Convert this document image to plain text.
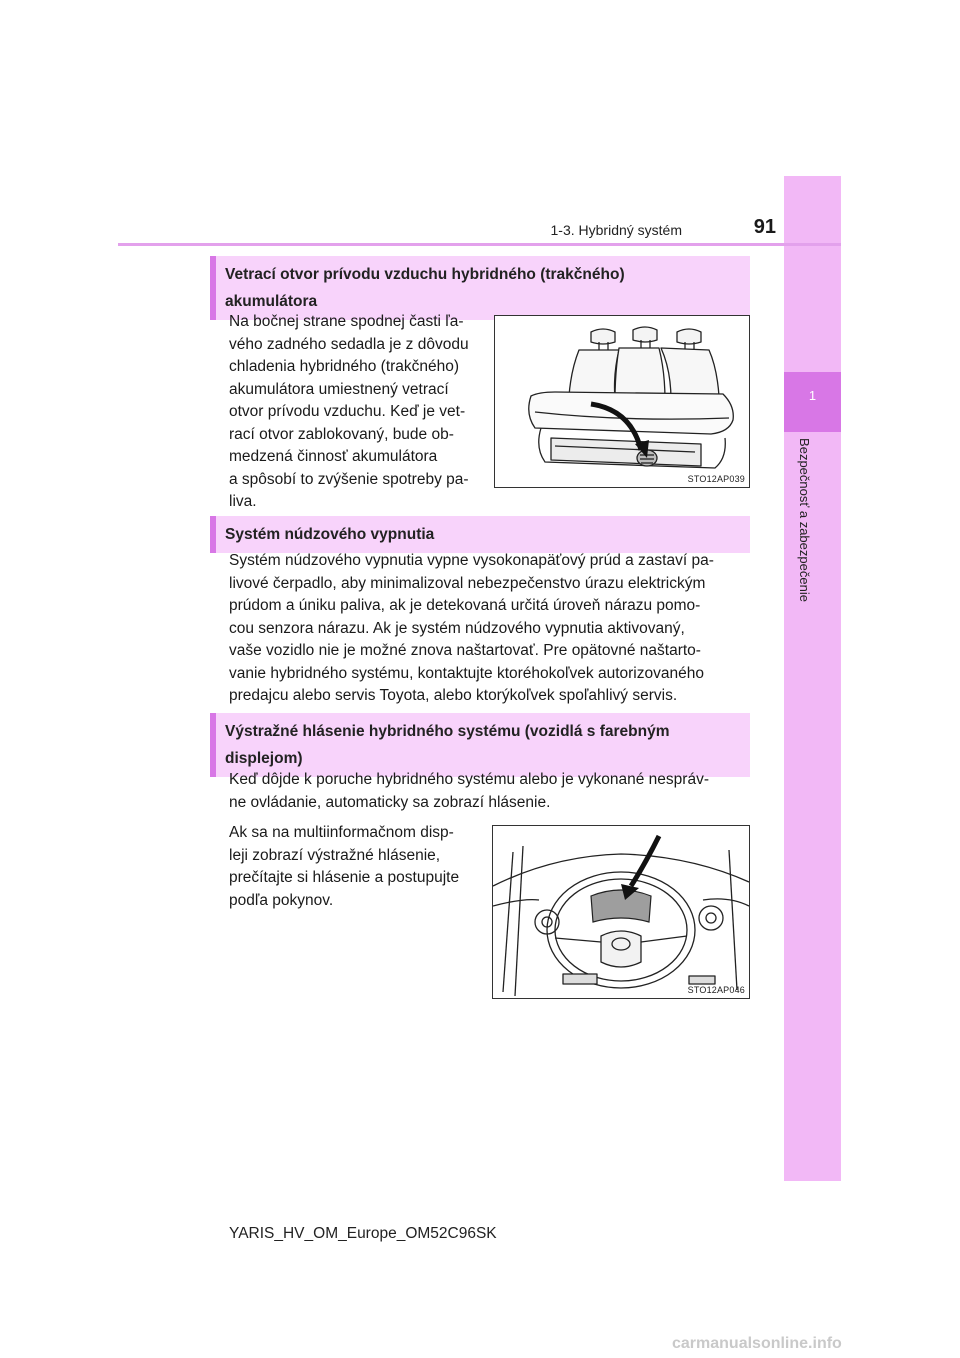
1
Bezpečnosť a zabezpečenie
1-3. Hybridný systém	91
Vetrací otvor prívodu vzduchu hybridného (trakčného)
akumulátora
Na bočnej strane spodnej časti ľa-
vého zadného sedadla je z dôvodu
chladenia hybridného (trakčného)
akumulátora umiestnený vetrací
otvor prívodu vzduchu. Keď je vet-
rací otvor zablokovaný, bude ob-
medzená činnosť akumulátora
a spôsobí to zvýšenie spotreby pa-
liva.
STO12AP039
Systém núdzového vypnutia
Systém núdzového vypnutia vypne vysokonapäťový prúd a zastaví pa-
livové čerpadlo, aby minimalizoval nebezpečenstvo úrazu elektrickým
prúdom a úniku paliva, ak je detekovaná určitá úroveň nárazu pomo-
cou senzora nárazu. Ak je systém núdzového vypnutia aktivovaný,
vaše vozidlo nie je možné znova naštartovať. Pre opätovné naštarto-
vanie hybridného systému, kontaktujte ktoréhokoľvek autorizovaného
predajcu alebo servis Toyota, alebo ktorýkoľvek spoľahlivý servis.
Výstražné hlásenie hybridného systému (vozidlá s farebným
displejom)
Keď dôjde k poruche hybridného systému alebo je vykonané nespráv-
ne ovládanie, automaticky sa zobrazí hlásenie.
Ak sa na multiinformačnom disp-
leji zobrazí výstražné hlásenie,
prečítajte si hlásenie a postupujte
podľa pokynov.
STO12AP046
YARIS_HV_OM_Europe_OM52C96SK
carmanualsonline.info
